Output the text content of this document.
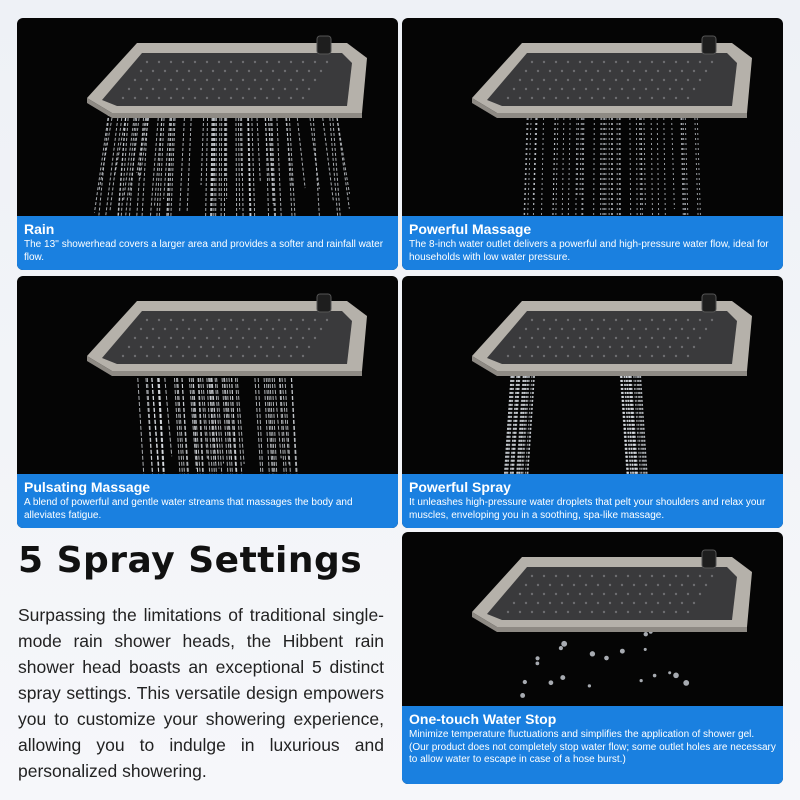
Rain
The 13'' showerhead covers a larger area and provides a softer and rainfall water flow.
Powerful Massage
The 8-inch water outlet delivers a powerful and high-pressure water flow, ideal for households with low water pressure.
Pulsating Massage
A blend of powerful and gentle water streams that massages the body and alleviates fatigue.
Powerful Spray
It unleashes high-pressure water droplets that pelt your shoulders and relax your muscles, enveloping you in a soothing, spa-like massage.
One-touch Water Stop
Minimize temperature fluctuations and simplifies the application of shower gel. (Our product does not completely stop water flow; some outlet holes are necessary to allow water to escape in case of a hose burst.)
5 Spray Settings
Surpassing the limitations of traditional single-mode rain shower heads, the Hibbent rain shower head boasts an exceptional 5 distinct spray settings. This versatile design empowers you to customize your showering experience, allowing you to indulge in luxurious and personalized showering.
